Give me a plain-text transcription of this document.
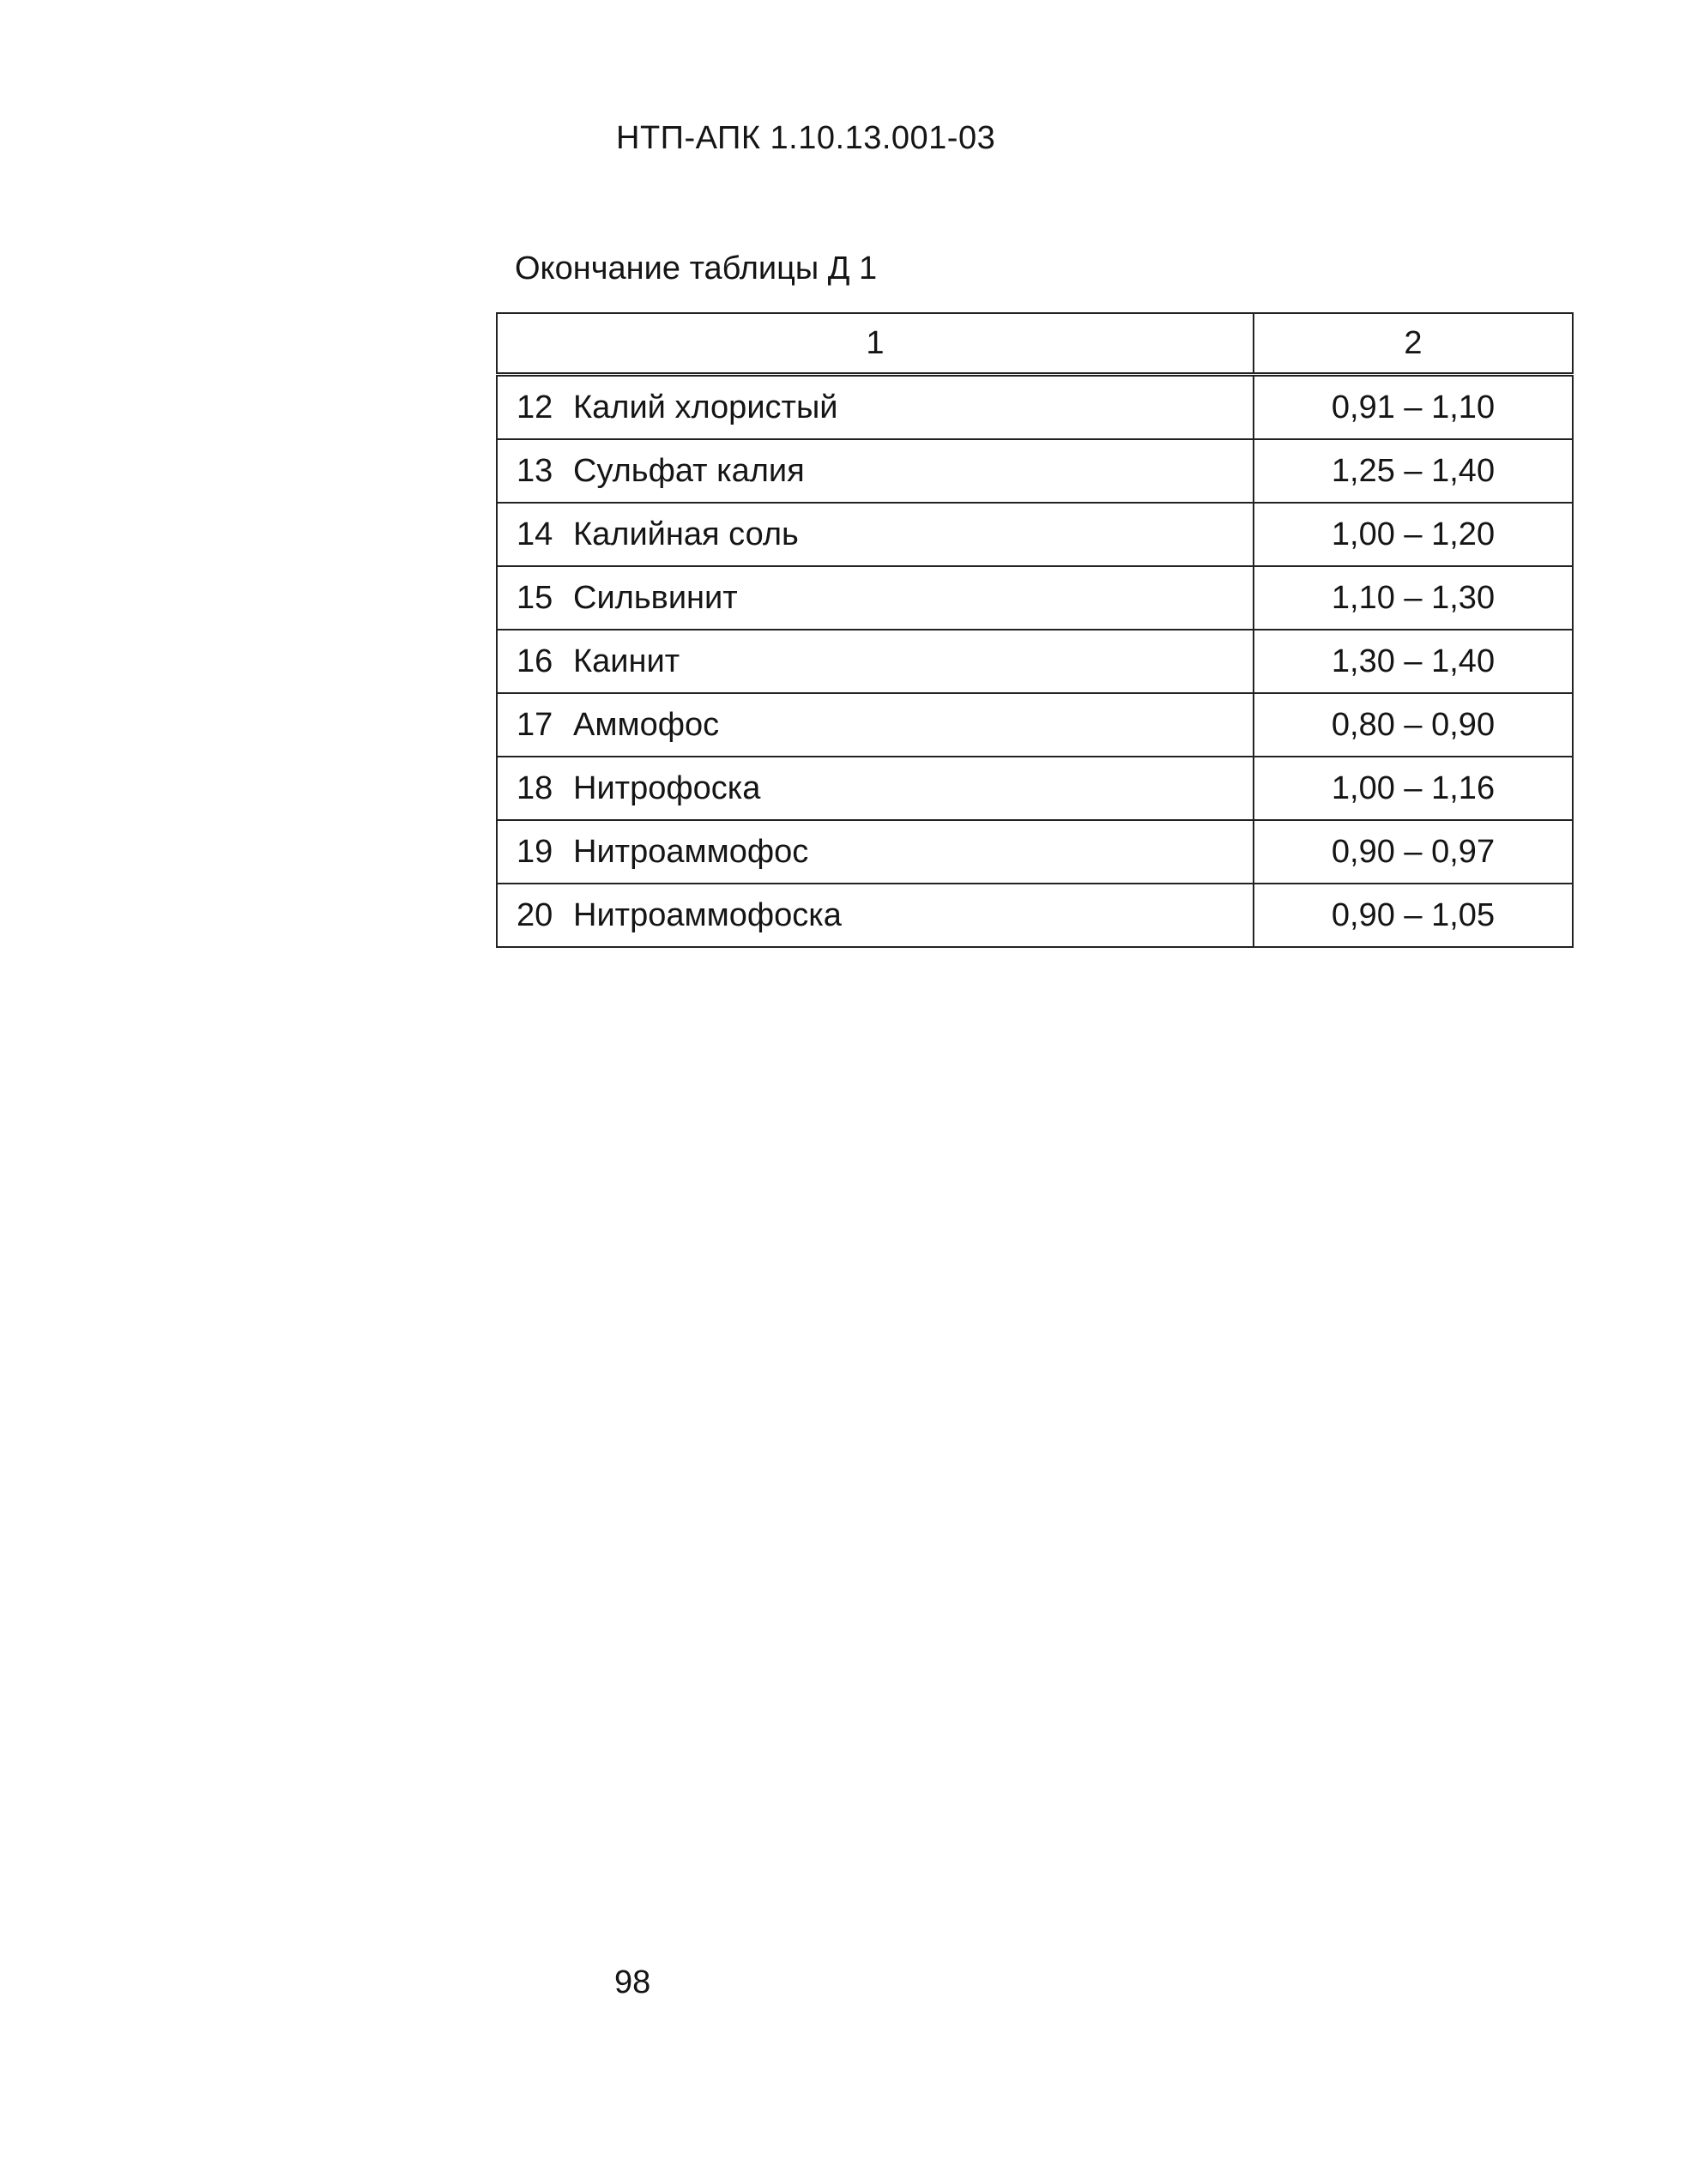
НТП-АПК 1.10.13.001-03
Окончание таблицы Д 1
1	2
12 Калий хлористый	0,91 – 1,10
13 Сульфат калия	1,25 – 1,40
14 Калийная соль	1,00 – 1,20
15 Сильвинит	1,10 – 1,30
16 Каинит	1,30 – 1,40
17 Аммофос	0,80 – 0,90
18 Нитрофоска	1,00 – 1,16
19 Нитроаммофос	0,90 – 0,97
20 Нитроаммофоска	0,90 – 1,05
98
